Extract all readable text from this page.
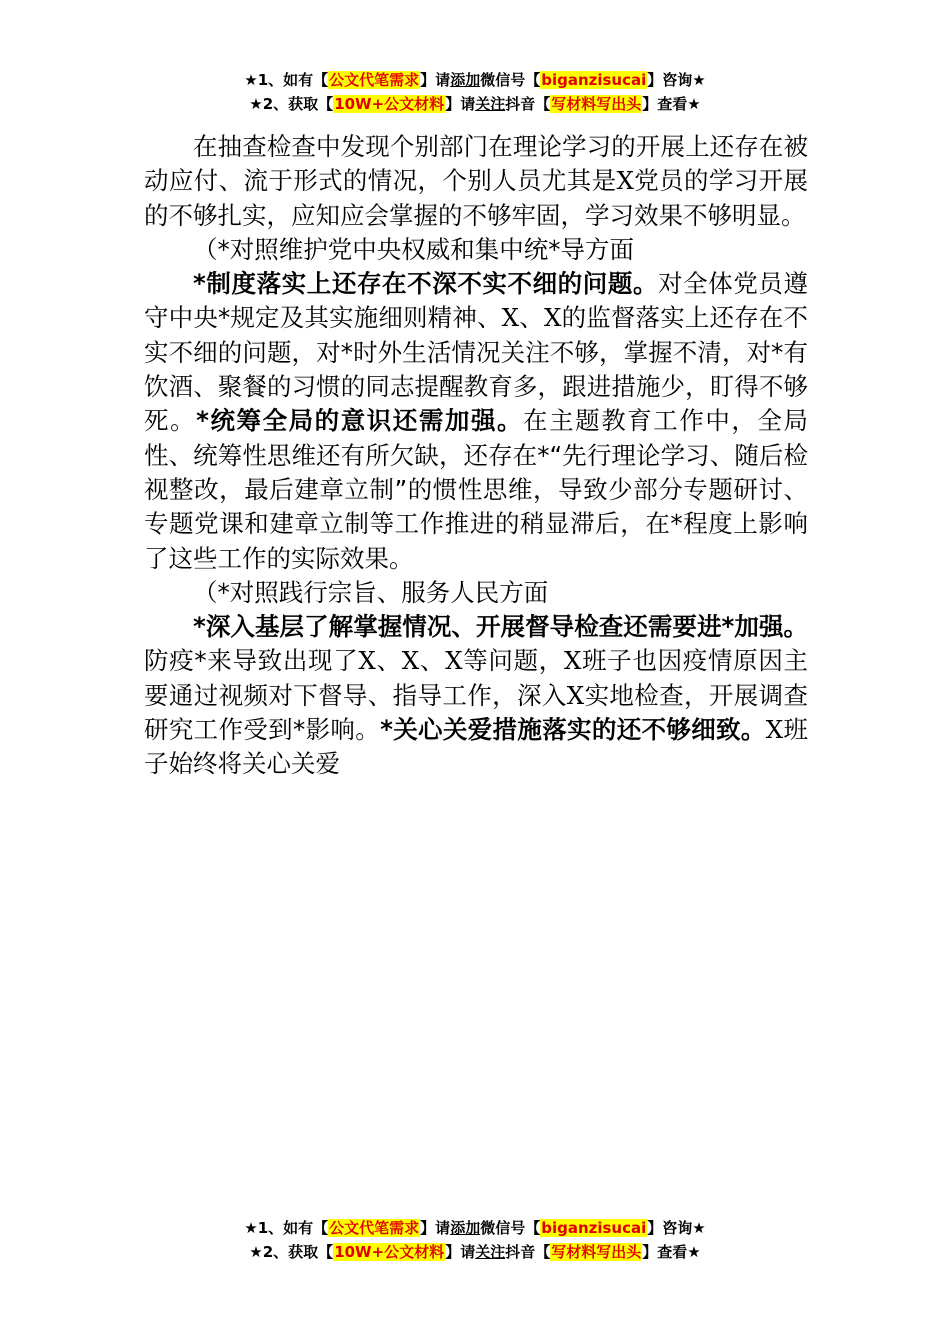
★1、如有【公文代笔需求】请添加微信号【biganzisucai】咨询★
★2、获取【10W+公文材料】请关注抖音【写材料写出头】查看★

在抽查检查中发现个别部门在理论学习的开展上还存在被动应付、流于形式的情况，个别人员尤其是X党员的学习开展的不够扎实，应知应会掌握的不够牢固，学习效果不够明显。

（*对照维护党中央权威和集中统*导方面

*制度落实上还存在不深不实不细的问题。对全体党员遵守中央*规定及其实施细则精神、X、X的监督落实上还存在不实不细的问题，对*时外生活情况关注不够，掌握不清，对*有饮酒、聚餐的习惯的同志提醒教育多，跟进措施少，盯得不够死。*统筹全局的意识还需加强。在主题教育工作中，全局性、统筹性思维还有所欠缺，还存在*“先行理论学习、随后检视整改，最后建章立制”的惯性思维，导致少部分专题研讨、专题党课和建章立制等工作推进的稍显滞后，在*程度上影响了这些工作的实际效果。

（*对照践行宗旨、服务人民方面

*深入基层了解掌握情况、开展督导检查还需要进*加强。防疫*来导致出现了X、X、X等问题，X班子也因疫情原因主要通过视频对下督导、指导工作，深入X实地检查，开展调查研究工作受到*影响。*关心关爱措施落实的还不够细致。X班子始终将关心关爱

★1、如有【公文代笔需求】请添加微信号【biganzisucai】咨询★
★2、获取【10W+公文材料】请关注抖音【写材料写出头】查看★
